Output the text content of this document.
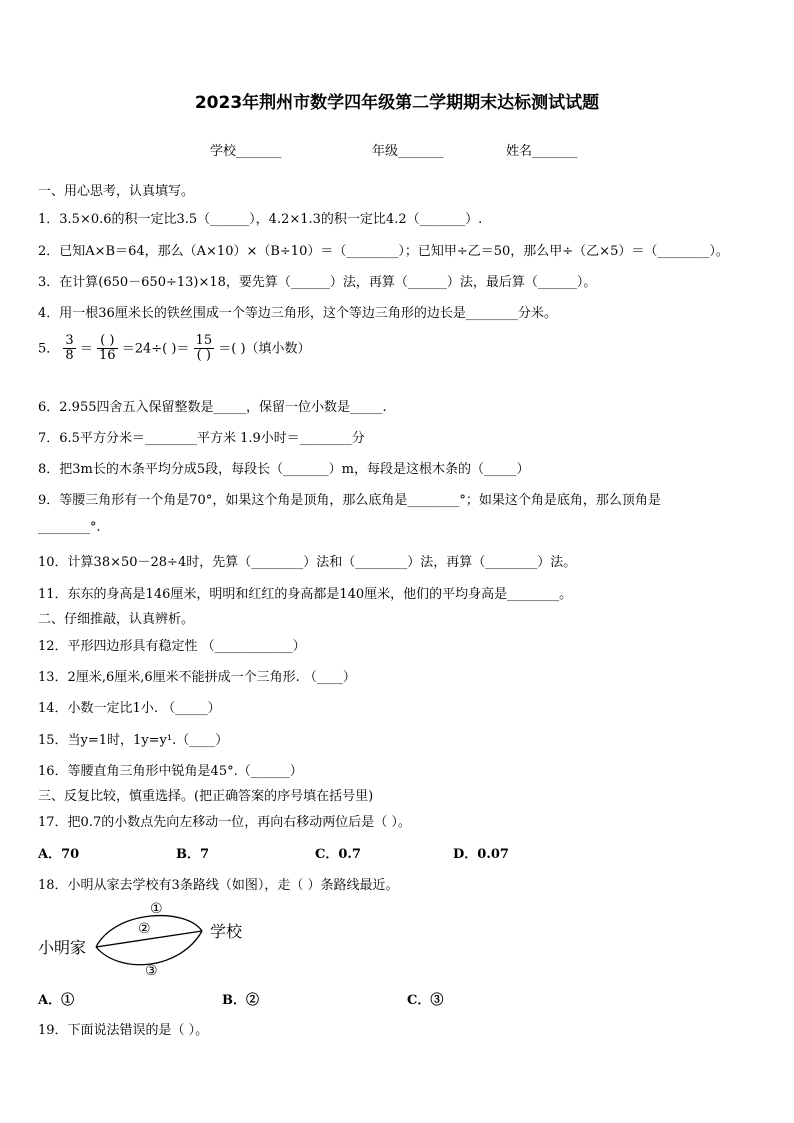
2023年荆州市数学四年级第二学期期末达标测试试题
学校_______	年级_______	姓名_______
一、用心思考，认真填写。
1．3.5×0.6的积一定比3.5（______），4.2×1.3的积一定比4.2（_______）.
2．已知A×B＝64，那么（A×10）×（B÷10）＝（________）；已知甲÷乙＝50，那么甲÷（乙×5）＝（________）。
3．在计算(650－650÷13)×18，要先算（______）法，再算（______）法，最后算（______）。
4．用一根36厘米长的铁丝围成一个等边三角形，这个等边三角形的边长是________分米。
5． $\frac{3}{8} = \frac{( )}{16} =24\div$( )＝ $\frac{15}{( )}$ ＝( )（填小数）
6．2.955四舍五入保留整数是_____，保留一位小数是_____.
7．6.5平方分米＝________平方米 1.9小时＝________分
8．把3m长的木条平均分成5段，每段长（_______）m，每段是这根木条的（_____）
9．等腰三角形有一个角是70°，如果这个角是顶角，那么底角是________°；如果这个角是底角，那么顶角是
________°.
10．计算38×50－28÷4时，先算（________）法和（________）法，再算（________）法。
11．东东的身高是146厘米，明明和红红的身高都是140厘米，他们的平均身高是________。
二、仔细推敲，认真辨析。
12．平形四边形具有稳定性 （____________）
13．2厘米,6厘米,6厘米不能拼成一个三角形. （____）
14．小数一定比1小. （_____）
15．当y=1时，1y=y¹.（____）
16．等腰直角三角形中锐角是45°.（______）
三、反复比较，慎重选择。(把正确答案的序号填在括号里)
17．把0.7的小数点先向左移动一位，再向右移动两位后是（ ）。
A．70	B．7	C．0.7	D．0.07
18．小明从家去学校有3条路线（如图），走（ ）条路线最近。
小明家
学校
①
②
③
A．①	B．②	C．③
19．下面说法错误的是（ ）。
